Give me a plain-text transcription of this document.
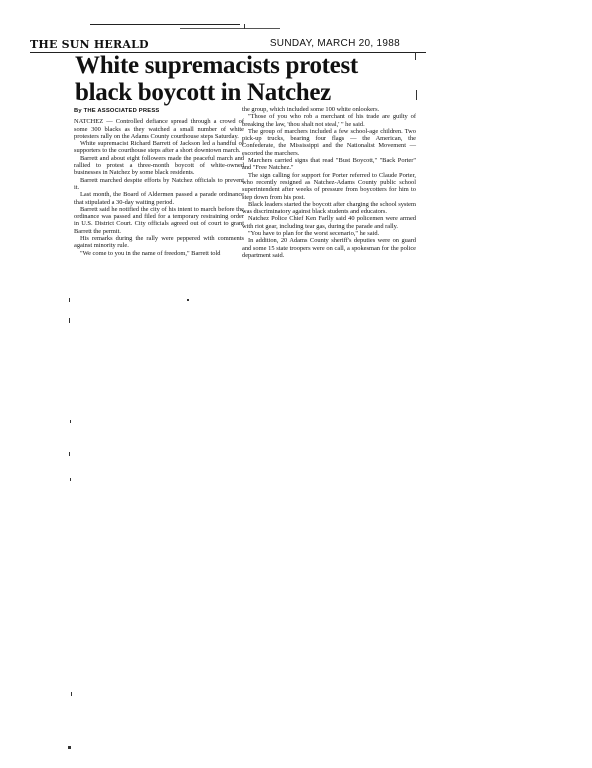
THE SUN HERALD	SUNDAY, MARCH 20, 1988
White supremacists protest
black boycott in Natchez
By THE ASSOCIATED PRESS

NATCHEZ — Controlled defiance spread through a crowd of some 300 blacks as they watched a small number of white protesters rally on the Adams County courthouse steps Saturday.

White supremacist Richard Barrett of Jackson led a handful of supporters to the courthouse steps after a short downtown march.

Barrett and about eight followers made the peaceful march and rallied to protest a three-month boycott of white-owned businesses in Natchez by some black residents.

Barrett marched despite efforts by Natchez officials to prevent it.

Last month, the Board of Aldermen passed a parade ordinance that stipulated a 30-day waiting period.

Barrett said he notified the city of his intent to march before the ordinance was passed and filed for a temporary restraining order in U.S. District Court. City officials agreed out of court to grant Barrett the permit.

His remarks during the rally were peppered with comments against minority rule.

"We come to you in the name of freedom," Barrett told

the group, which included some 100 white onlookers.

"Those of you who rob a merchant of his trade are guilty of breaking the law, 'thou shalt not steal,' " he said.

The group of marchers included a few school-age children. Two pick-up trucks, bearing four flags — the American, the Confederate, the Mississippi and the Nationalist Movement — escorted the marchers.

Marchers carried signs that read "Bust Boycott," "Back Porter" and "Free Natchez."

The sign calling for support for Porter referred to Claude Porter, who recently resigned as Natchez-Adams County public school superintendent after weeks of pressure from boycotters for him to step down from his post.

Black leaders started the boycott after charging the school system was discriminatory against black students and educators.

Natchez Police Chief Ken Farlly said 40 policemen were armed with riot gear, including tear gas, during the parade and rally.

"You have to plan for the worst secenario," he said.

In addition, 20 Adams County sheriff's deputies were on guard and some 15 state troopers were on call, a spokesman for the police department said.
